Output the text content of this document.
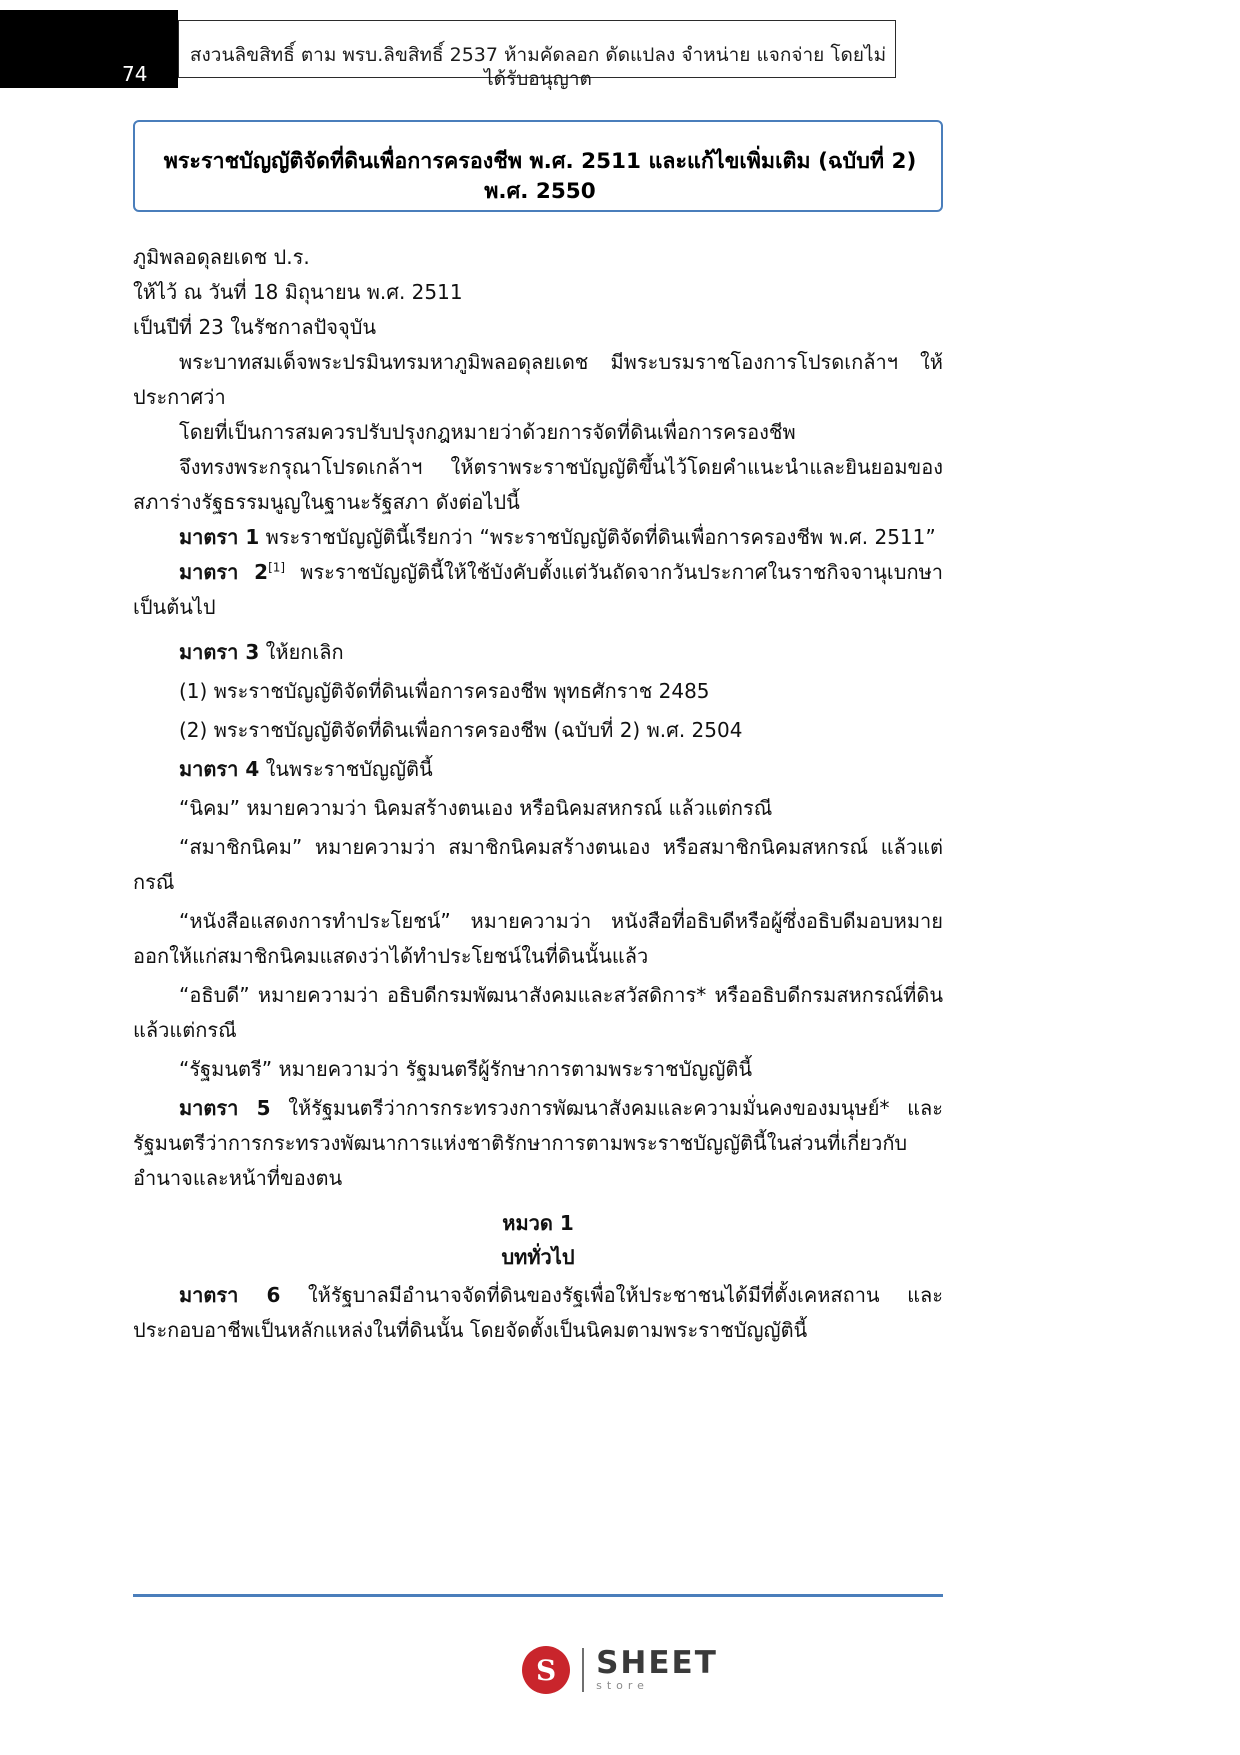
74
สงวนลิขสิทธิ์ ตาม พรบ.ลิขสิทธิ์ 2537 ห้ามคัดลอก ดัดแปลง จำหน่าย แจกจ่าย โดยไม่ได้รับอนุญาต
พระราชบัญญัติจัดที่ดินเพื่อการครองชีพ พ.ศ. 2511 และแก้ไขเพิ่มเติม (ฉบับที่ 2) พ.ศ. 2550

ภูมิพลอดุลยเดช ป.ร.

ให้ไว้ ณ วันที่ 18 มิถุนายน พ.ศ. 2511

เป็นปีที่ 23 ในรัชกาลปัจจุบัน

พระบาทสมเด็จพระปรมินทรมหาภูมิพลอดุลยเดช มีพระบรมราชโองการโปรดเกล้าฯ ให้ประกาศว่า

โดยที่เป็นการสมควรปรับปรุงกฎหมายว่าด้วยการจัดที่ดินเพื่อการครองชีพ

จึงทรงพระกรุณาโปรดเกล้าฯ ให้ตราพระราชบัญญัติขึ้นไว้โดยคำแนะนำและยินยอมของสภาร่างรัฐธรรมนูญในฐานะรัฐสภา ดังต่อไปนี้

มาตรา 1 พระราชบัญญัตินี้เรียกว่า “พระราชบัญญัติจัดที่ดินเพื่อการครองชีพ พ.ศ. 2511”

มาตรา 2[1] พระราชบัญญัตินี้ให้ใช้บังคับตั้งแต่วันถัดจากวันประกาศในราชกิจจานุเบกษาเป็นต้นไป

มาตรา 3 ให้ยกเลิก

(1) พระราชบัญญัติจัดที่ดินเพื่อการครองชีพ พุทธศักราช 2485

(2) พระราชบัญญัติจัดที่ดินเพื่อการครองชีพ (ฉบับที่ 2) พ.ศ. 2504

มาตรา 4 ในพระราชบัญญัตินี้

“นิคม” หมายความว่า นิคมสร้างตนเอง หรือนิคมสหกรณ์ แล้วแต่กรณี

“สมาชิกนิคม” หมายความว่า สมาชิกนิคมสร้างตนเอง หรือสมาชิกนิคมสหกรณ์ แล้วแต่กรณี

“หนังสือแสดงการทำประโยชน์” หมายความว่า หนังสือที่อธิบดีหรือผู้ซึ่งอธิบดีมอบหมาย ออกให้แก่สมาชิกนิคมแสดงว่าได้ทำประโยชน์ในที่ดินนั้นแล้ว

“อธิบดี” หมายความว่า อธิบดีกรมพัฒนาสังคมและสวัสดิการ* หรืออธิบดีกรมสหกรณ์ที่ดิน แล้วแต่กรณี

“รัฐมนตรี” หมายความว่า รัฐมนตรีผู้รักษาการตามพระราชบัญญัตินี้

มาตรา 5 ให้รัฐมนตรีว่าการกระทรวงการพัฒนาสังคมและความมั่นคงของมนุษย์* และรัฐมนตรีว่าการกระทรวงพัฒนาการแห่งชาติรักษาการตามพระราชบัญญัตินี้ในส่วนที่เกี่ยวกับอำนาจและหน้าที่ของตน

หมวด 1
บททั่วไป

มาตรา 6 ให้รัฐบาลมีอำนาจจัดที่ดินของรัฐเพื่อให้ประชาชนได้มีที่ตั้งเคหสถาน และประกอบอาชีพเป็นหลักแหล่งในที่ดินนั้น โดยจัดตั้งเป็นนิคมตามพระราชบัญญัตินี้

S	SHEET
store
